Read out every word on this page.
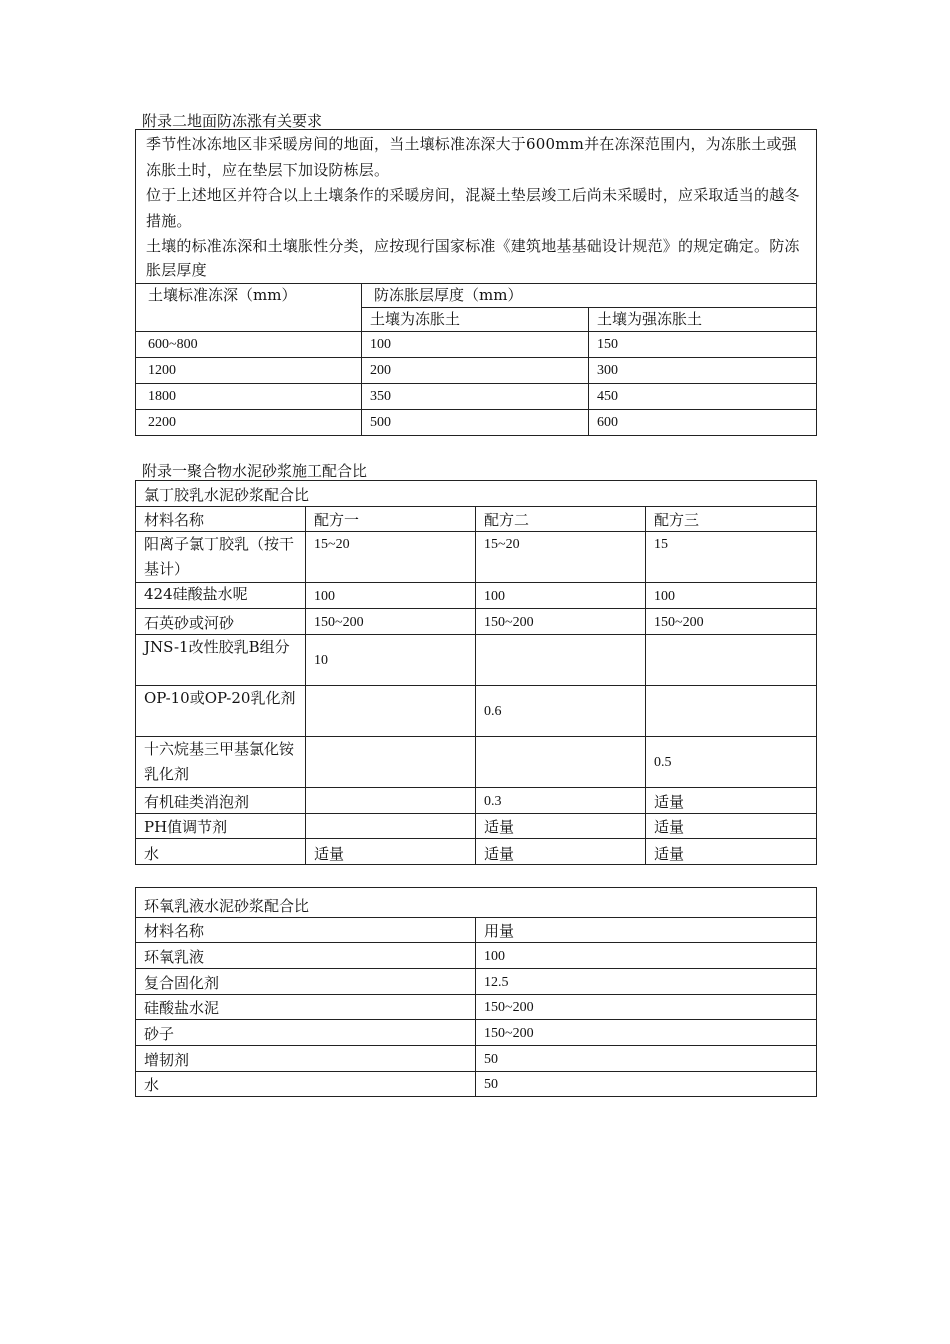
附录二地面防冻涨有关要求

季节性冰冻地区非采暖房间的地面，当土壤标准冻深大于600mm并在冻深范围内，为冻胀土或强冻胀土时，应在垫层下加设防栋层。

位于上述地区并符合以上土壤条作的采暖房间，混凝土垫层竣工后尚未采暖时，应采取适当的越冬措施。

土壤的标准冻深和土壤胀性分类，应按现行国家标准《建筑地基基础设计规范》的规定确定。防冻胀层厚度		

土壤标准冻深（mm）	防冻胀层厚度（mm）	
	土壤为冻胀土	土壤为强冻胀土
600~800	100	150
1200	200	300
1800	350	450
2200	500	600
附录一聚合物水泥砂浆施工配合比
氯丁胶乳水泥砂浆配合比			
材料名称	配方一	配方二	配方三
阳离子氯丁胶乳（按干基计）	15~20	15~20	15
424硅酸盐水呢	100	100	100
石英砂或河砂	150~200	150~200	150~200
JNS-1改性胶乳B组分	10		
OP-10或OP-20乳化剂		0.6	
十六烷基三甲基氯化铵乳化剂			0.5
有机硅类消泡剂		0.3	适量
PH值调节剂		适量	适量
水	适量	适量	适量
环氧乳液水泥砂浆配合比	
材料名称	用量
环氧乳液	100
复合固化剂	12.5
硅酸盐水泥	150~200
砂子	150~200
增韧剂	50
水	50
